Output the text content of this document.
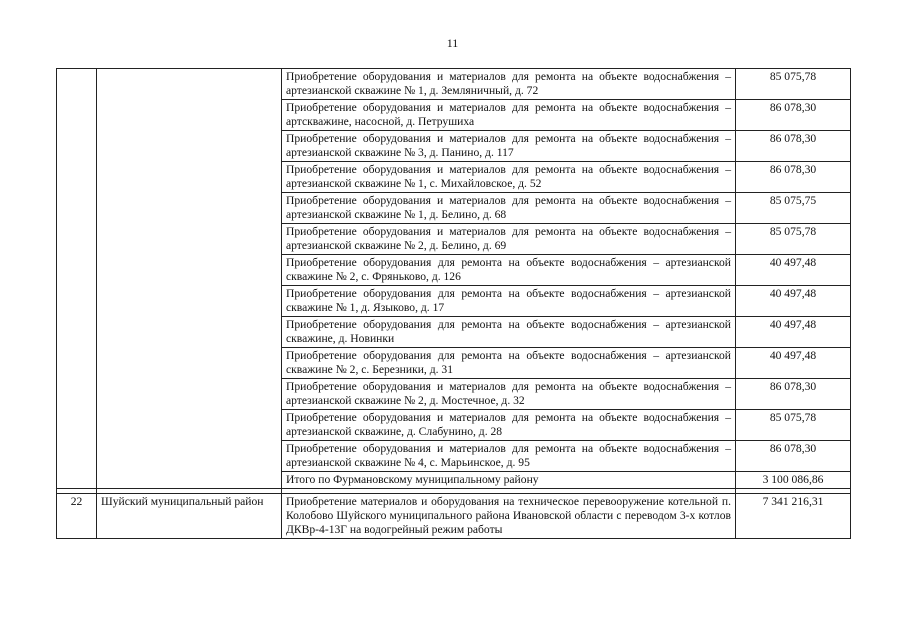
11
		Приобретение оборудования и материалов для ремонта на объекте водоснабжения – артезианской скважине № 1, д. Земляничный, д. 72	85 075,78
		Приобретение оборудования и материалов для ремонта на объекте водоснабжения – артскважине, насосной, д. Петрушиха	86 078,30
		Приобретение оборудования и материалов для ремонта на объекте водоснабжения – артезианской скважине № 3, д. Панино, д. 117	86 078,30
		Приобретение оборудования и материалов для ремонта на объекте водоснабжения – артезианской скважине № 1, с. Михайловское, д. 52	86 078,30
		Приобретение оборудования и материалов для ремонта на объекте водоснабжения – артезианской скважине № 1, д. Белино, д. 68	85 075,75
		Приобретение оборудования и материалов для ремонта на объекте водоснабжения – артезианской скважине № 2, д. Белино, д. 69	85 075,78
		Приобретение оборудования для ремонта на объекте водоснабжения – артезианской скважине № 2, с. Фряньково, д. 126	40 497,48
		Приобретение оборудования для ремонта на объекте водоснабжения – артезианской скважине № 1, д. Языково, д. 17	40 497,48
		Приобретение оборудования для ремонта на объекте водоснабжения – артезианской скважине, д. Новинки	40 497,48
		Приобретение оборудования для ремонта на объекте водоснабжения – артезианской скважине № 2, с. Березники, д. 31	40 497,48
		Приобретение оборудования и материалов для ремонта на объекте водоснабжения – артезианской скважине № 2, д. Мостечное, д. 32	86 078,30
		Приобретение оборудования и материалов для ремонта на объекте водоснабжения – артезианской скважине, д. Слабунино, д. 28	85 075,78
		Приобретение оборудования и материалов для ремонта на объекте водоснабжения – артезианской скважине № 4, с. Марьинское, д. 95	86 078,30
		Итого по Фурмановскому муниципальному району	3 100 086,86

22	Шуйский муниципальный район	Приобретение материалов и оборудования на техническое перевооружение котельной п. Колобово Шуйского муниципального района Ивановской области с переводом 3-х котлов ДКВр-4-13Г на водогрейный режим работы	7 341 216,31
